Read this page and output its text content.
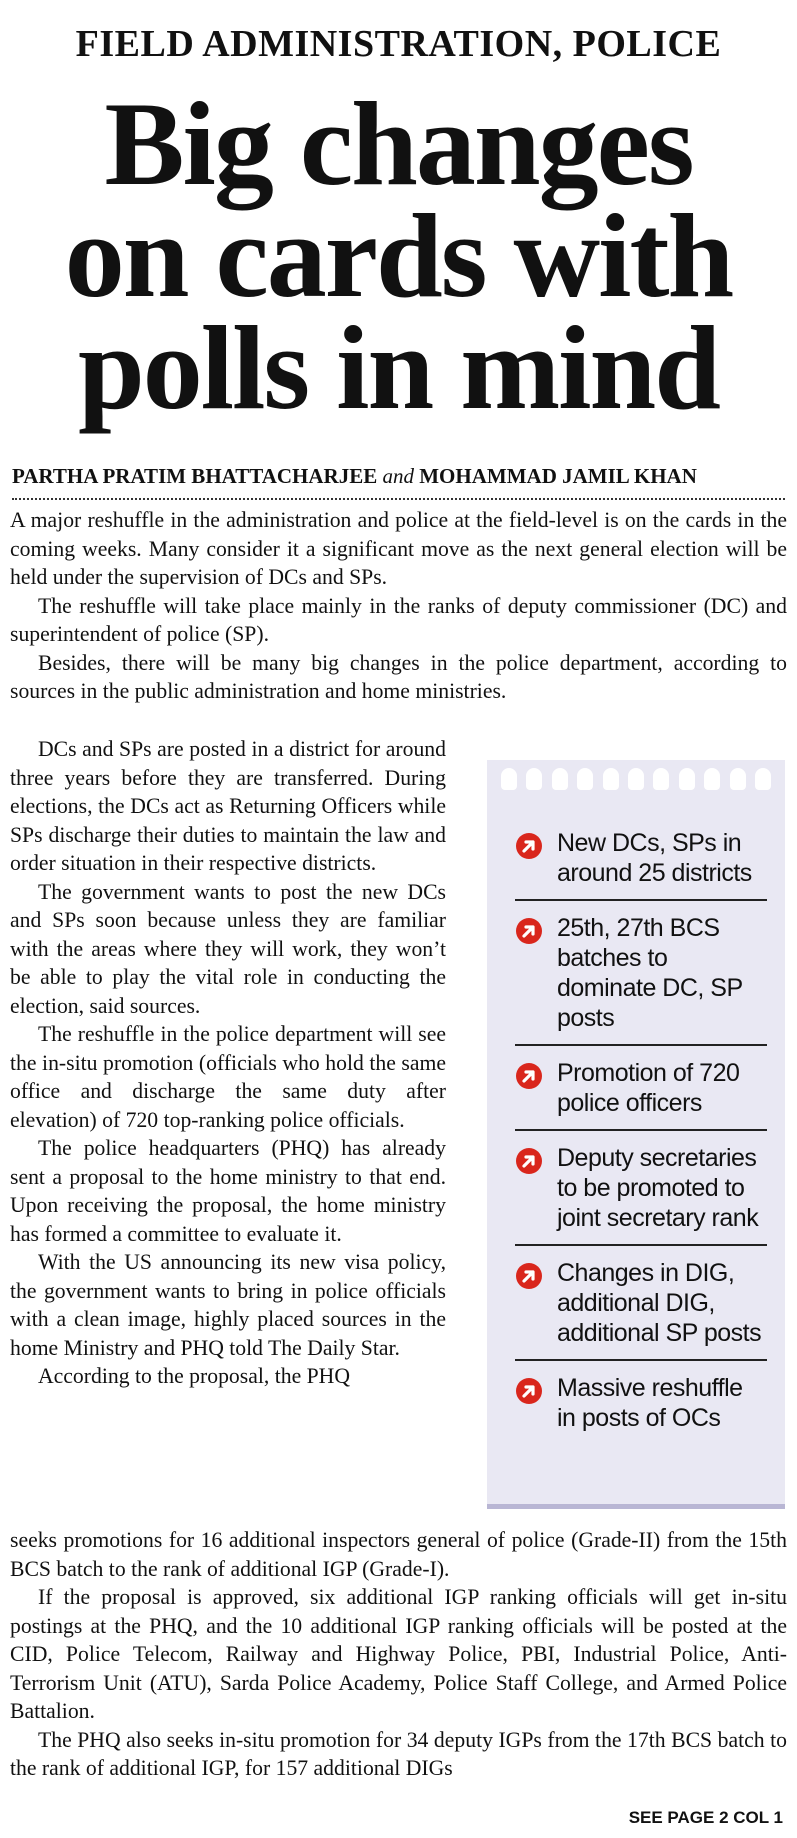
FIELD ADMINISTRATION, POLICE
Big changes
on cards with
polls in mind
PARTHA PRATIM BHATTACHARJEE and MOHAMMAD JAMIL KHAN

A major reshuffle in the administration and police at the field-level is on the cards in the coming weeks. Many consider it a significant move as the next general election will be held under the supervision of DCs and SPs.

The reshuffle will take place mainly in the ranks of deputy commissioner (DC) and superintendent of police (SP).

Besides, there will be many big changes in the police department, according to sources in the public administration and home ministries.

DCs and SPs are posted in a district for around three years before they are transferred. During elections, the DCs act as Returning Officers while SPs discharge their duties to maintain the law and order situation in their respective districts.

The government wants to post the new DCs and SPs soon because unless they are familiar with the areas where they will work, they won’t be able to play the vital role in conducting the election, said sources.

The reshuffle in the police department will see the in-situ promotion (officials who hold the same office and discharge the same duty after elevation) of 720 top-ranking police officials.

The police headquarters (PHQ) has already sent a proposal to the home ministry to that end. Upon receiving the proposal, the home ministry has formed a committee to evaluate it.

With the US announcing its new visa policy, the government wants to bring in police officials with a clean image, highly placed sources in the home Ministry and PHQ told The Daily Star.

According to the proposal, the PHQ

seeks promotions for 16 additional inspectors general of police (Grade-II) from the 15th BCS batch to the rank of additional IGP (Grade-I).

If the proposal is approved, six additional IGP ranking officials will get in-situ postings at the PHQ, and the 10 additional IGP ranking officials will be posted at the CID, Police Telecom, Railway and Highway Police, PBI, Industrial Police, Anti-Terrorism Unit (ATU), Sarda Police Academy, Police Staff College, and Armed Police Battalion.

The PHQ also seeks in-situ promotion for 34 deputy IGPs from the 17th BCS batch to the rank of additional IGP, for 157 additional DIGs

SEE PAGE 2 COL 1
New DCs, SPs in around 25 districts
25th, 27th BCS batches to dominate DC, SP posts
Promotion of 720 police officers
Deputy secretaries to be promoted to joint secretary rank
Changes in DIG, additional DIG, additional SP posts
Massive reshuffle in posts of OCs
